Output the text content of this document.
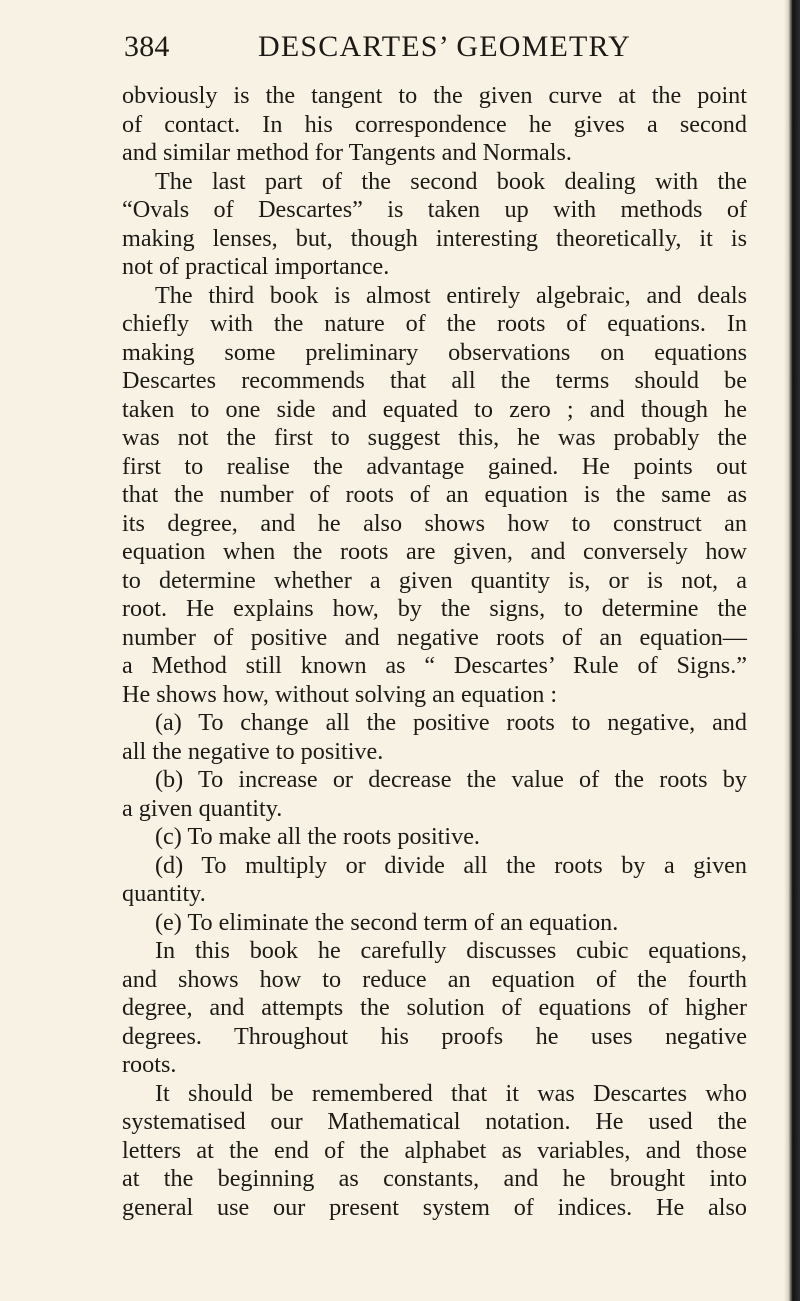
384	DESCARTES’ GEOMETRY
obviously is the tangent to the given curve at the point
of contact. In his correspondence he gives a second
and similar method for Tangents and Normals.
The last part of the second book dealing with the
“Ovals of Descartes” is taken up with methods of
making lenses, but, though interesting theoretically, it is
not of practical importance.
The third book is almost entirely algebraic, and deals
chiefly with the nature of the roots of equations. In
making some preliminary observations on equations
Descartes recommends that all the terms should be
taken to one side and equated to zero ; and though he
was not the first to suggest this, he was probably the
first to realise the advantage gained. He points out
that the number of roots of an equation is the same as
its degree, and he also shows how to construct an
equation when the roots are given, and conversely how
to determine whether a given quantity is, or is not, a
root. He explains how, by the signs, to determine the
number of positive and negative roots of an equation—
a Method still known as “ Descartes’ Rule of Signs.”
He shows how, without solving an equation :
(a) To change all the positive roots to negative, and
all the negative to positive.
(b) To increase or decrease the value of the roots by
a given quantity.
(c) To make all the roots positive.
(d) To multiply or divide all the roots by a given
quantity.
(e) To eliminate the second term of an equation.
In this book he carefully discusses cubic equations,
and shows how to reduce an equation of the fourth
degree, and attempts the solution of equations of higher
degrees. Throughout his proofs he uses negative
roots.
It should be remembered that it was Descartes who
systematised our Mathematical notation. He used the
letters at the end of the alphabet as variables, and those
at the beginning as constants, and he brought into
general use our present system of indices. He also
